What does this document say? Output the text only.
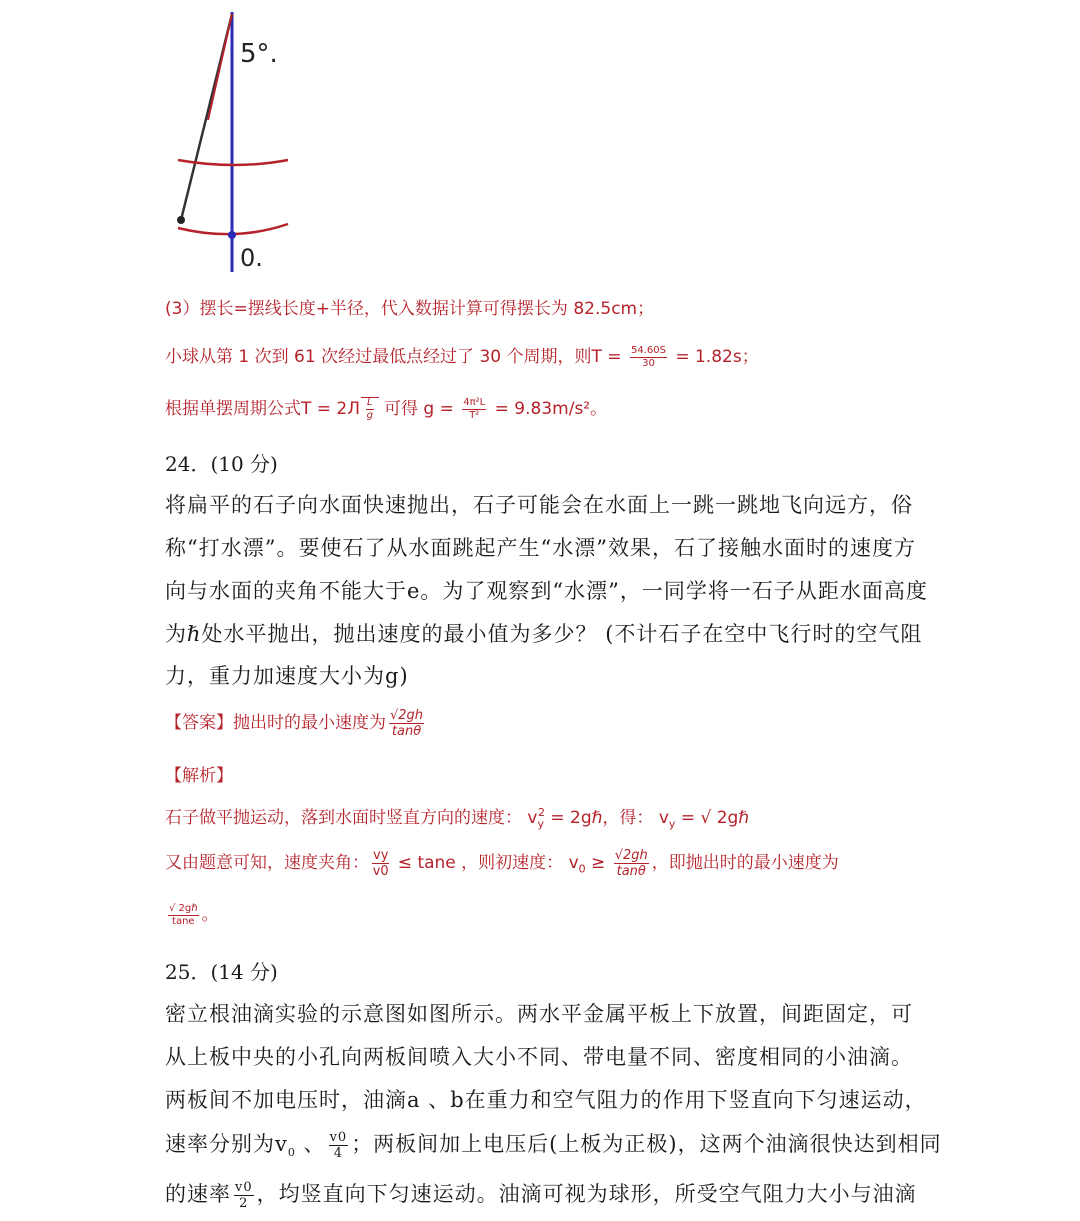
5°.
0.
(3）摆长=摆线长度+半径，代入数据计算可得摆长为 82.5cm；
小球从第 1 次到 61 次经过最低点经过了 30 个周期，则$T = \frac{54.60S}{30} = 1.82s$；
根据单摆周期公式$T = 2Л \frac{L}{g}$ 可得 $g = \frac{\text{4π²L}}{\text{T²}} = 9.83m/s^2$。
24．(10 分)
将扁平的石子向水面快速抛出，石子可能会在水面上一跳一跳地飞向远方，俗
称“打水漂”。要使石了从水面跳起产生“水漂”效果，石了接触水面时的速度方
向与水面的夹角不能大于e。为了观察到“水漂”，一同学将一石子从距水面高度
为ℏ处水平抛出，抛出速度的最小值为多少？ (不计石子在空中飞行时的空气阻
力，重力加速度大小为g)
【答案】抛出时的最小速度为 $\frac{√2gh}{\tan\theta}$
【解析】
石子做平抛运动，落到水面时竖直方向的速度： $v_y^2$ = 2gℏ，得： $v_y$ = √ 2gℏ
又由题意可知，速度夹角： $\frac{vy}{v0} \le \tan e$ ，则初速度： $v_0 \ge \frac{√2gh}{\tan\theta}$ ，即抛出时的最小速度为
$\frac{\text{√ 2gℏ}}{\tan e}$ 。
25．(14 分)
密立根油滴实验的示意图如图所示。两水平金属平板上下放置，间距固定，可
从上板中央的小孔向两板间喷入大小不同、带电量不同、密度相同的小油滴。
两板间不加电压时，油滴a 、b在重力和空气阻力的作用下竖直向下匀速运动，
速率分别为$v_0$ 、 $\frac{v0}{4}$ ；两板间加上电压后(上板为正极)，这两个油滴很快达到相同
的速率 $\frac{v0}{2}$ ，均竖直向下匀速运动。油滴可视为球形，所受空气阻力大小与油滴
